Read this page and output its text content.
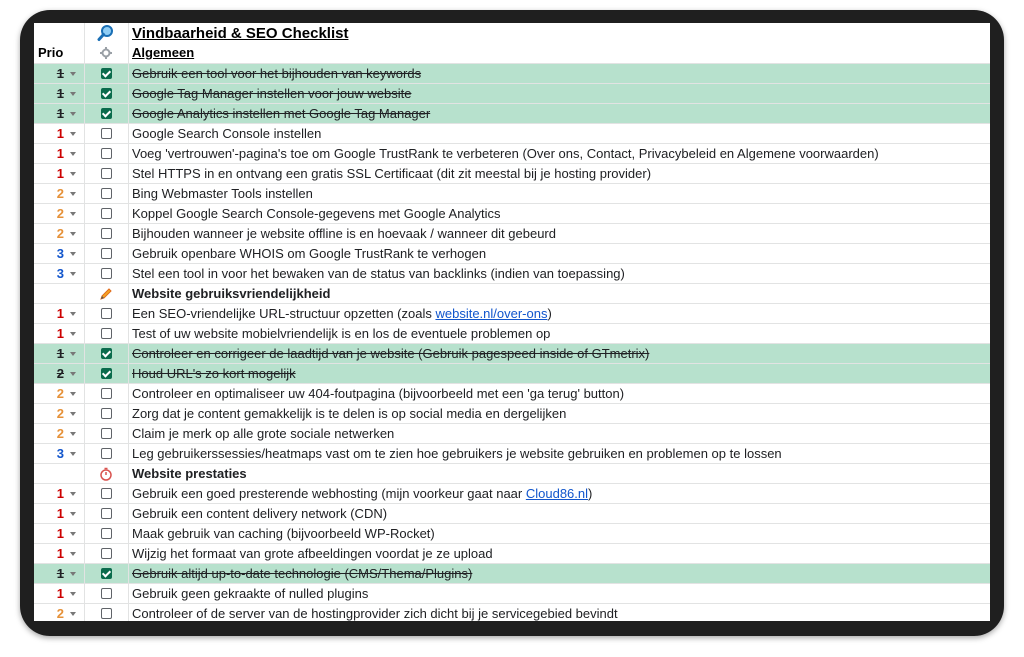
Vindbaarheid & SEO Checklist
Prio	Algemeen
1	Gebruik een tool voor het bijhouden van keywords
1	Google Tag Manager instellen voor jouw website
1	Google Analytics instellen met Google Tag Manager
1	Google Search Console instellen
1	Voeg 'vertrouwen'-pagina's toe om Google TrustRank te verbeteren (Over ons, Contact, Privacybeleid en Algemene voorwaarden)
1	Stel HTTPS in en ontvang een gratis SSL Certificaat (dit zit meestal bij je hosting provider)
2	Bing Webmaster Tools instellen
2	Koppel Google Search Console-gegevens met Google Analytics
2	Bijhouden wanneer je website offline is en hoevaak / wanneer dit gebeurd
3	Gebruik openbare WHOIS om Google TrustRank te verhogen
3	Stel een tool in voor het bewaken van de status van backlinks (indien van toepassing)
Website gebruiksvriendelijkheid
1	Een SEO-vriendelijke URL-structuur opzetten (zoals website.nl/over-ons)
1	Test of uw website mobielvriendelijk is en los de eventuele problemen op
1	Controleer en corrigeer de laadtijd van je website (Gebruik pagespeed inside of GTmetrix)
2	Houd URL's zo kort mogelijk
2	Controleer en optimaliseer uw 404-foutpagina (bijvoorbeeld met een 'ga terug' button)
2	Zorg dat je content gemakkelijk is te delen is op social media en dergelijken
2	Claim je merk op alle grote sociale netwerken
3	Leg gebruikerssessies/heatmaps vast om te zien hoe gebruikers je website gebruiken en problemen op te lossen
Website prestaties
1	Gebruik een goed presterende webhosting (mijn voorkeur gaat naar Cloud86.nl)
1	Gebruik een content delivery network (CDN)
1	Maak gebruik van caching (bijvoorbeeld WP-Rocket)
1	Wijzig het formaat van grote afbeeldingen voordat je ze upload
1	Gebruik altijd up-to-date technologie (CMS/Thema/Plugins)
1	Gebruik geen gekraakte of nulled plugins
2	Controleer of de server van de hostingprovider zich dicht bij je servicegebied bevindt
